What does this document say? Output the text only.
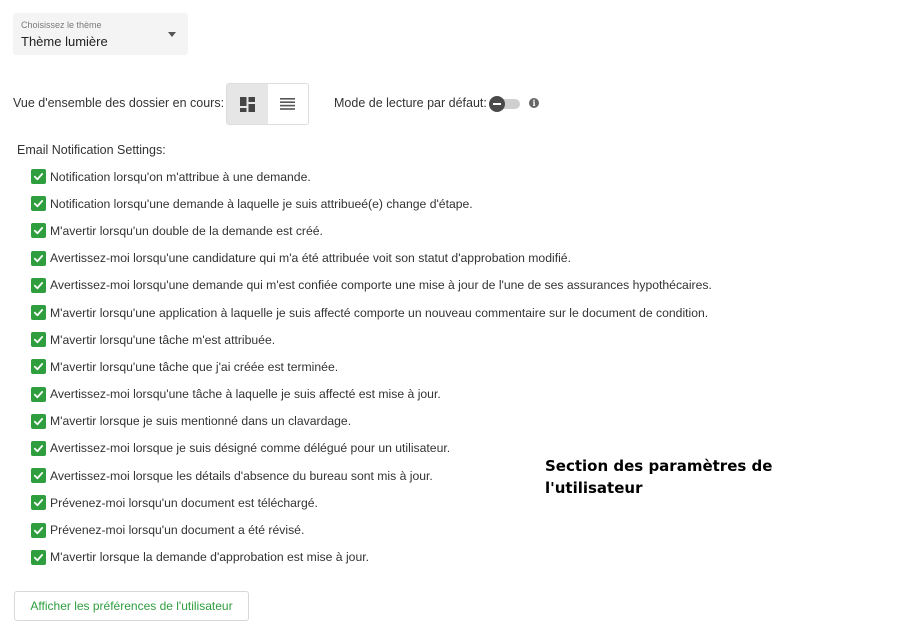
Choisissez le thème
Thème lumière
Vue d'ensemble des dossier en cours:	Mode de lecture par défaut:	i
Email Notification Settings:
Notification lorsqu'on m'attribue à une demande.
Notification lorsqu'une demande à laquelle je suis attribueé(e) change d'étape.
M'avertir lorsqu'un double de la demande est créé.
Avertissez-moi lorsqu'une candidature qui m'a été attribuée voit son statut d'approbation modifié.
Avertissez-moi lorsqu'une demande qui m'est confiée comporte une mise à jour de l'une de ses assurances hypothécaires.
M'avertir lorsqu'une application à laquelle je suis affecté comporte un nouveau commentaire sur le document de condition.
M'avertir lorsqu'une tâche m'est attribuée.
M'avertir lorsqu'une tâche que j'ai créée est terminée.
Avertissez-moi lorsqu'une tâche à laquelle je suis affecté est mise à jour.
M'avertir lorsque je suis mentionné dans un clavardage.
Avertissez-moi lorsque je suis désigné comme délégué pour un utilisateur.
Avertissez-moi lorsque les détails d'absence du bureau sont mis à jour.
Prévenez-moi lorsqu'un document est téléchargé.
Prévenez-moi lorsqu'un document a été révisé.
M'avertir lorsque la demande d'approbation est mise à jour.
Section des paramètres de
l'utilisateur
Afficher les préférences de l'utilisateur
